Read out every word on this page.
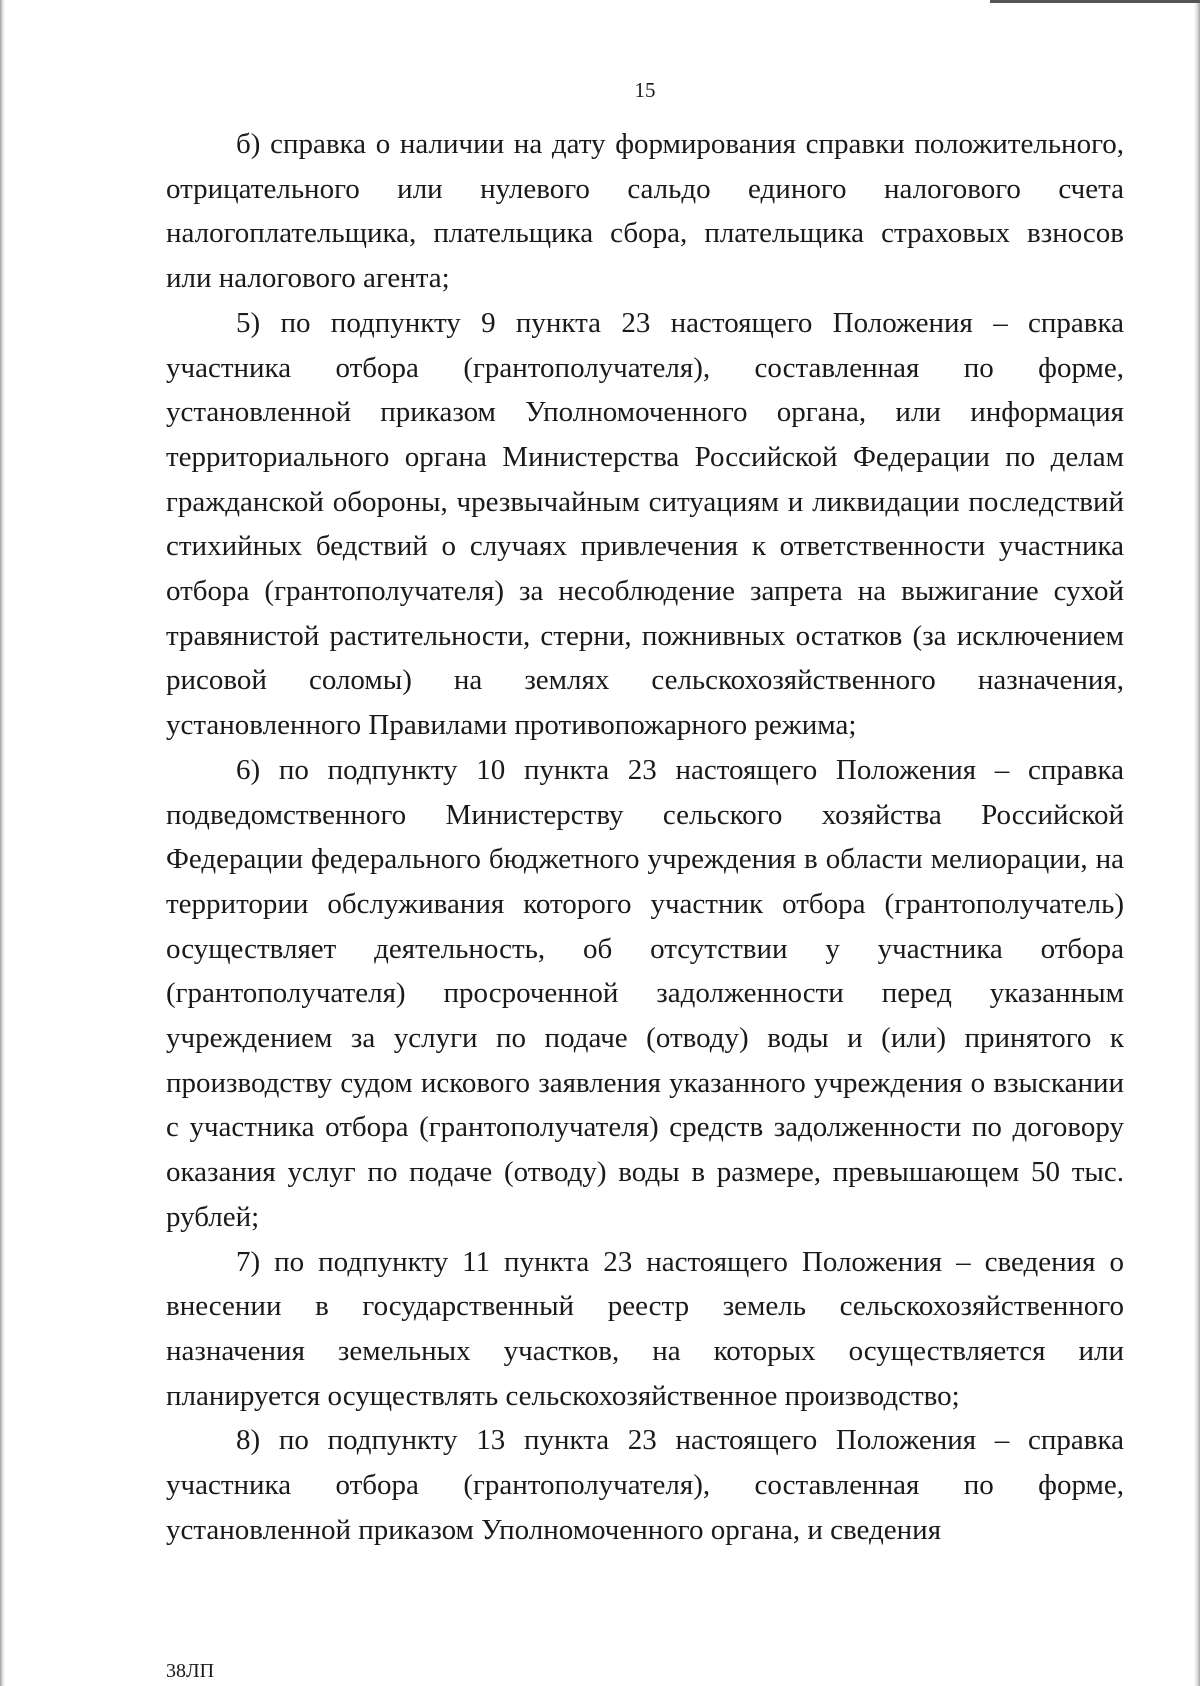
15

б) справка о наличии на дату формирования справки положительного, отрицательного или нулевого сальдо единого налогового счета налогоплательщика, плательщика сбора, плательщика страховых взносов или налогового агента;

5) по подпункту 9 пункта 23 настоящего Положения – справка участника отбора (грантополучателя), составленная по форме, установленной приказом Уполномоченного органа, или информация территориального органа Министерства Российской Федерации по делам гражданской обороны, чрезвычайным ситуациям и ликвидации последствий стихийных бедствий о случаях привлечения к ответственности участника отбора (грантополучателя) за несоблюдение запрета на выжигание сухой травянистой растительности, стерни, пожнивных остатков (за исключением рисовой соломы) на землях сельскохозяйственного назначения, установленного Правилами противопожарного режима;

6) по подпункту 10 пункта 23 настоящего Положения – справка подведомственного Министерству сельского хозяйства Российской Федерации федерального бюджетного учреждения в области мелиорации, на территории обслуживания которого участник отбора (грантополучатель) осуществляет деятельность, об отсутствии у участника отбора (грантополучателя) просроченной задолженности перед указанным учреждением за услуги по подаче (отводу) воды и (или) принятого к производству судом искового заявления указанного учреждения о взыскании с участника отбора (грантополучателя) средств задолженности по договору оказания услуг по подаче (отводу) воды в размере, превышающем 50 тыс. рублей;

7) по подпункту 11 пункта 23 настоящего Положения – сведения о внесении в государственный реестр земель сельскохозяйственного назначения земельных участков, на которых осуществляется или планируется осуществлять сельскохозяйственное производство;

8) по подпункту 13 пункта 23 настоящего Положения – справка участника отбора (грантополучателя), составленная по форме, установленной приказом Уполномоченного органа, и сведения

38ЛП
